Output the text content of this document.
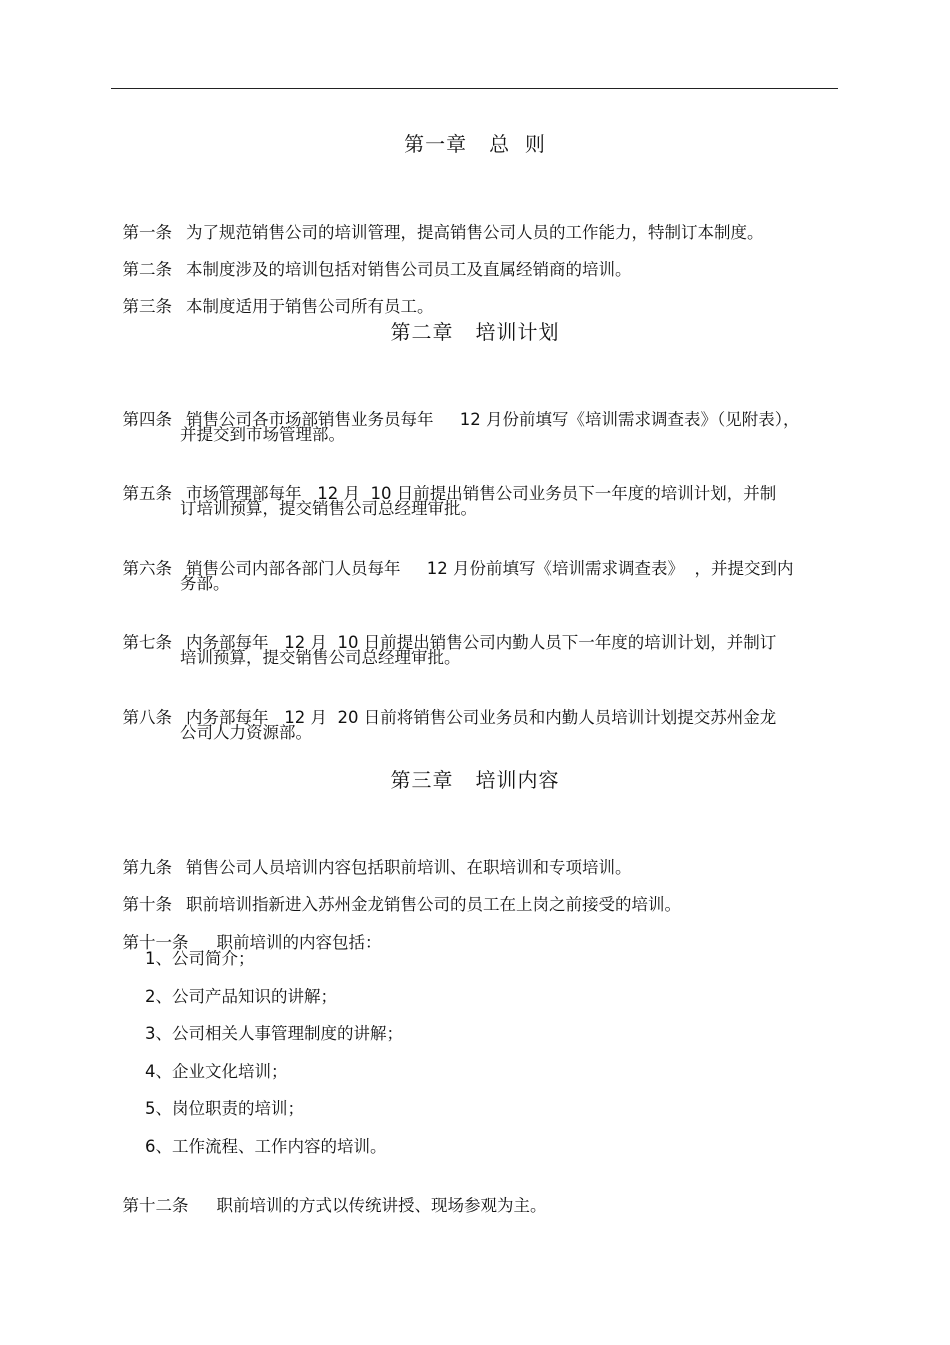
第一章   总  则

第一条 为了规范销售公司的培训管理，提高销售公司人员的工作能力，特制订本制度。

第二条 本制度涉及的培训包括对销售公司员工及直属经销商的培训。

第三条 本制度适用于销售公司所有员工。

第二章   培训计划

第四条 销售公司各市场部销售业务员每年     12 月份前填写《培训需求调查表》（见附表），

并提交到市场管理部。

第五条 市场管理部每年   12 月  10 日前提出销售公司业务员下一年度的培训计划，并制

订培训预算，提交销售公司总经理审批。

第六条 销售公司内部各部门人员每年     12 月份前填写《培训需求调查表》  ，并提交到内

务部。

第七条 内务部每年   12 月  10 日前提出销售公司内勤人员下一年度的培训计划，并制订

培训预算，提交销售公司总经理审批。

第八条 内务部每年   12 月  20 日前将销售公司业务员和内勤人员培训计划提交苏州金龙

公司人力资源部。
第三章   培训内容

第九条 销售公司人员培训内容包括职前培训、在职培训和专项培训。

第十条 职前培训指新进入苏州金龙销售公司的员工在上岗之前接受的培训。

第十一条 职前培训的内容包括：

1、公司简介；
2、公司产品知识的讲解；
3、公司相关人事管理制度的讲解；
4、企业文化培训；
5、岗位职责的培训；
6、工作流程、工作内容的培训。

第十二条 职前培训的方式以传统讲授、现场参观为主。
